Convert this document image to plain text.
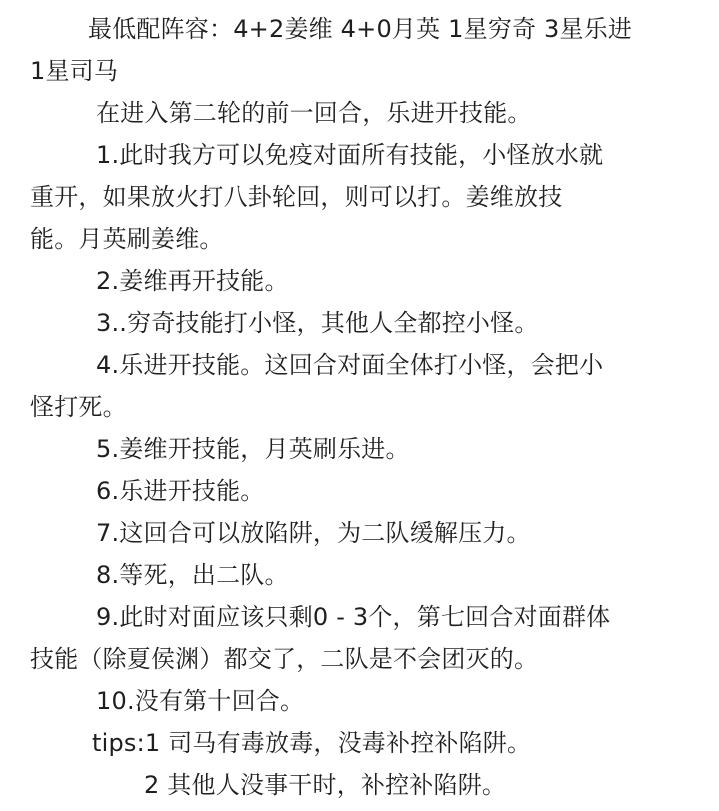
最低配阵容：4+2姜维 4+0月英 1星穷奇 3星乐进
1星司马
在进入第二轮的前一回合，乐进开技能。
1.此时我方可以免疫对面所有技能，小怪放水就
重开，如果放火打八卦轮回，则可以打。姜维放技
能。月英刷姜维。
2.姜维再开技能。
3..穷奇技能打小怪，其他人全都控小怪。
4.乐进开技能。这回合对面全体打小怪，会把小
怪打死。
5.姜维开技能，月英刷乐进。
6.乐进开技能。
7.这回合可以放陷阱，为二队缓解压力。
8.等死，出二队。
9.此时对面应该只剩0 - 3个，第七回合对面群体
技能（除夏侯渊）都交了，二队是不会团灭的。
10.没有第十回合。
tips:1 司马有毒放毒，没毒补控补陷阱。
2 其他人没事干时，补控补陷阱。
